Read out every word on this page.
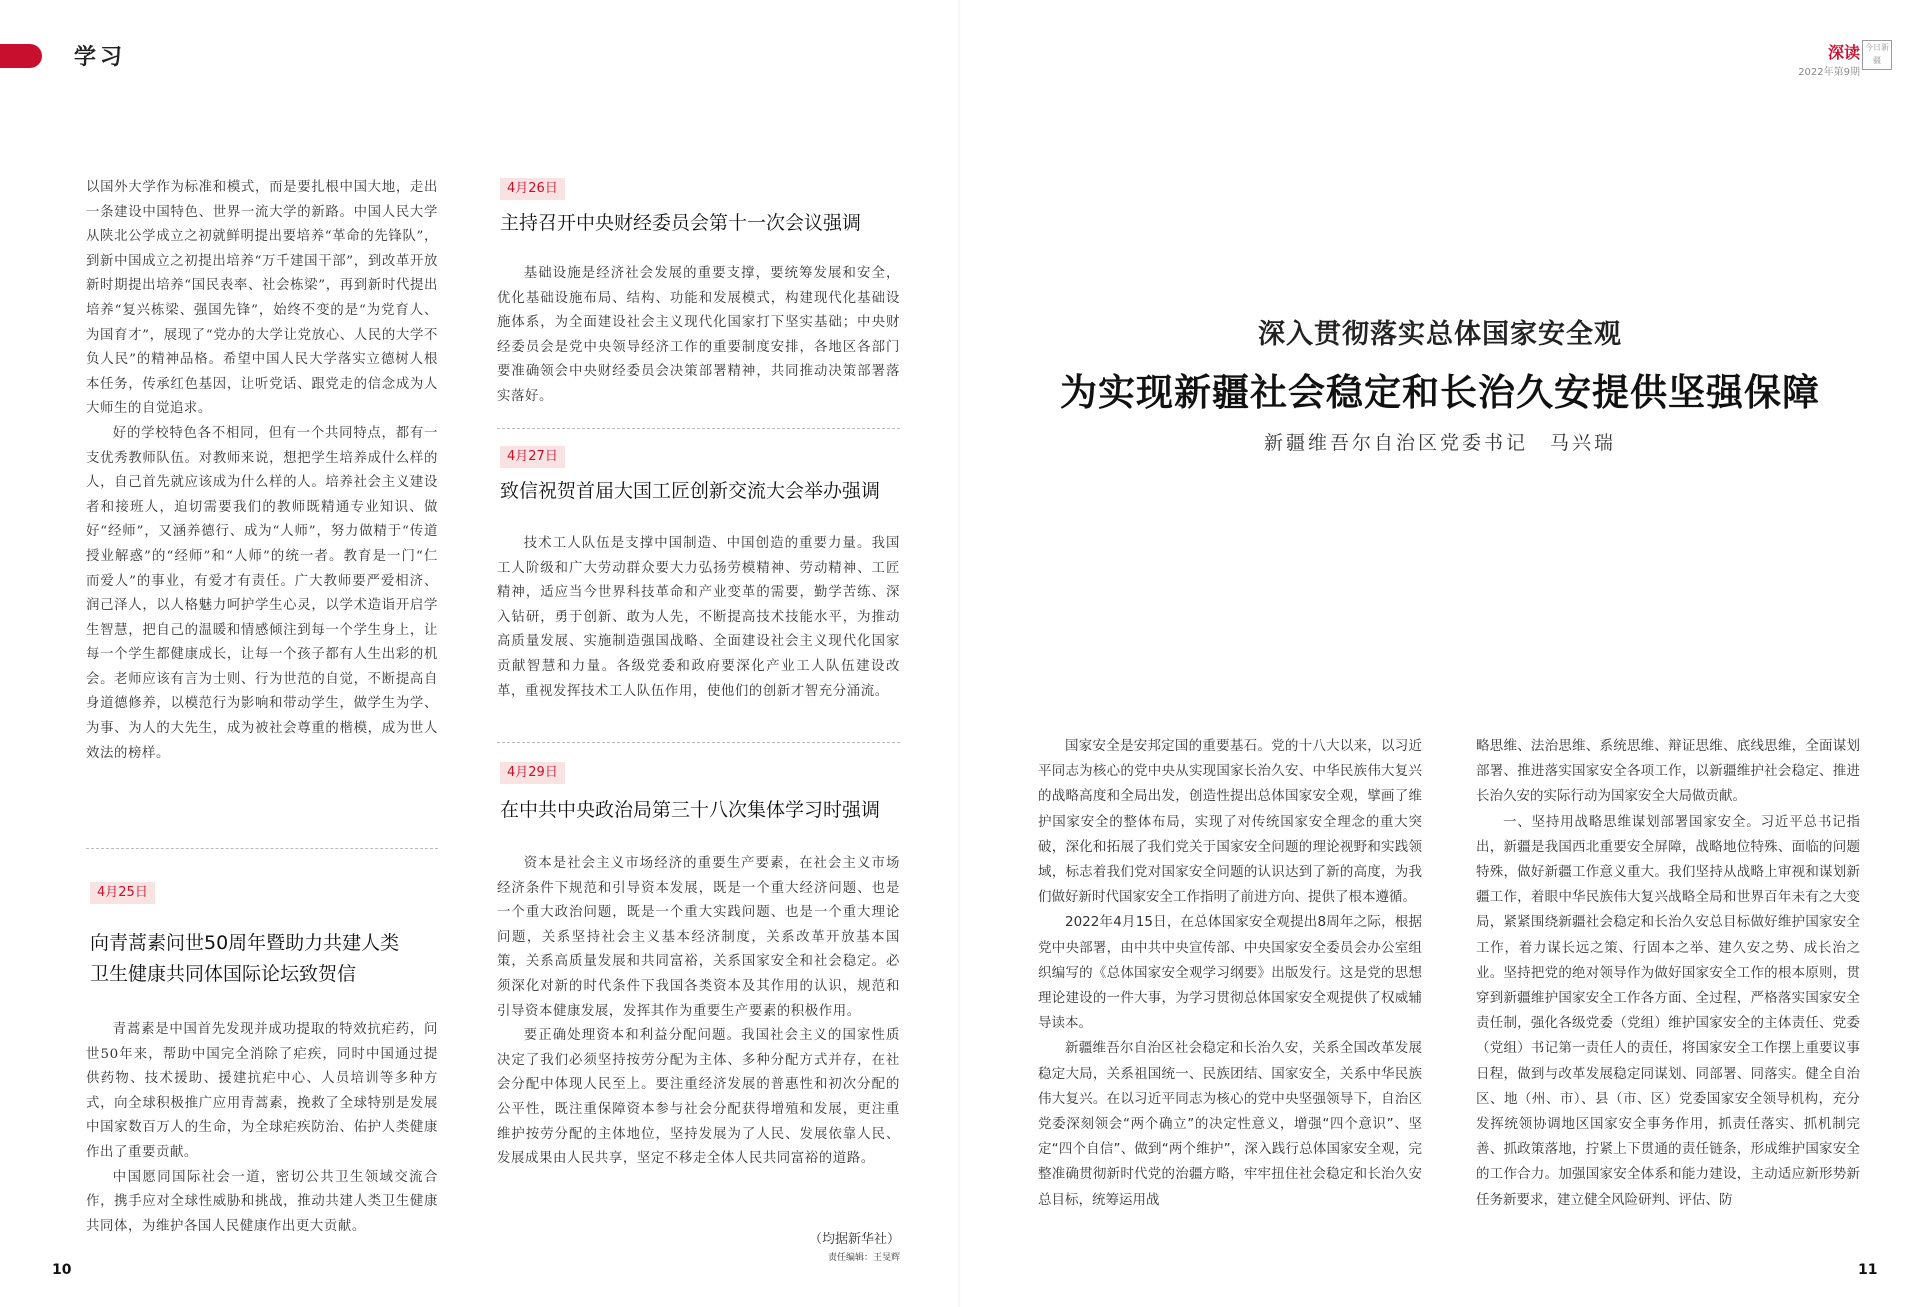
学习	深读
2022年第9期
今日新疆

以国外大学作为标准和模式，而是要扎根中国大地，走出一条建设中国特色、世界一流大学的新路。中国人民大学从陕北公学成立之初就鲜明提出要培养“革命的先锋队”，到新中国成立之初提出培养“万千建国干部”，到改革开放新时期提出培养“国民表率、社会栋梁”，再到新时代提出培养“复兴栋梁、强国先锋”，始终不变的是“为党育人、为国育才”，展现了“党办的大学让党放心、人民的大学不负人民”的精神品格。希望中国人民大学落实立德树人根本任务，传承红色基因，让听党话、跟党走的信念成为人大师生的自觉追求。

好的学校特色各不相同，但有一个共同特点，都有一支优秀教师队伍。对教师来说，想把学生培养成什么样的人，自己首先就应该成为什么样的人。培养社会主义建设者和接班人，迫切需要我们的教师既精通专业知识、做好“经师”，又涵养德行、成为“人师”，努力做精于“传道授业解惑”的“经师”和“人师”的统一者。教育是一门“仁而爱人”的事业，有爱才有责任。广大教师要严爱相济、润己泽人，以人格魅力呵护学生心灵，以学术造诣开启学生智慧，把自己的温暖和情感倾注到每一个学生身上，让每一个学生都健康成长，让每一个孩子都有人生出彩的机会。老师应该有言为士则、行为世范的自觉，不断提高自身道德修养，以模范行为影响和带动学生，做学生为学、为事、为人的大先生，成为被社会尊重的楷模，成为世人效法的榜样。

4月25日
向青蒿素问世50周年暨助力共建人类
卫生健康共同体国际论坛致贺信

青蒿素是中国首先发现并成功提取的特效抗疟药，问世50年来，帮助中国完全消除了疟疾，同时中国通过提供药物、技术援助、援建抗疟中心、人员培训等多种方式，向全球积极推广应用青蒿素，挽救了全球特别是发展中国家数百万人的生命，为全球疟疾防治、佑护人类健康作出了重要贡献。

中国愿同国际社会一道，密切公共卫生领域交流合作，携手应对全球性威胁和挑战，推动共建人类卫生健康共同体，为维护各国人民健康作出更大贡献。

4月26日
主持召开中央财经委员会第十一次会议强调

基础设施是经济社会发展的重要支撑，要统筹发展和安全，优化基础设施布局、结构、功能和发展模式，构建现代化基础设施体系，为全面建设社会主义现代化国家打下坚实基础；中央财经委员会是党中央领导经济工作的重要制度安排，各地区各部门要准确领会中央财经委员会决策部署精神，共同推动决策部署落实落好。

4月27日
致信祝贺首届大国工匠创新交流大会举办强调

技术工人队伍是支撑中国制造、中国创造的重要力量。我国工人阶级和广大劳动群众要大力弘扬劳模精神、劳动精神、工匠精神，适应当今世界科技革命和产业变革的需要，勤学苦练、深入钻研，勇于创新、敢为人先，不断提高技术技能水平，为推动高质量发展、实施制造强国战略、全面建设社会主义现代化国家贡献智慧和力量。各级党委和政府要深化产业工人队伍建设改革，重视发挥技术工人队伍作用，使他们的创新才智充分涌流。

4月29日
在中共中央政治局第三十八次集体学习时强调

资本是社会主义市场经济的重要生产要素，在社会主义市场经济条件下规范和引导资本发展，既是一个重大经济问题、也是一个重大政治问题，既是一个重大实践问题、也是一个重大理论问题，关系坚持社会主义基本经济制度，关系改革开放基本国策，关系高质量发展和共同富裕，关系国家安全和社会稳定。必须深化对新的时代条件下我国各类资本及其作用的认识，规范和引导资本健康发展，发挥其作为重要生产要素的积极作用。

要正确处理资本和利益分配问题。我国社会主义的国家性质决定了我们必须坚持按劳分配为主体、多种分配方式并存，在社会分配中体现人民至上。要注重经济发展的普惠性和初次分配的公平性，既注重保障资本参与社会分配获得增殖和发展，更注重维护按劳分配的主体地位，坚持发展为了人民、发展依靠人民、发展成果由人民共享，坚定不移走全体人民共同富裕的道路。

（均据新华社）
责任编辑：王旻辉
10
深入贯彻落实总体国家安全观
为实现新疆社会稳定和长治久安提供坚强保障
新疆维吾尔自治区党委书记　马兴瑞

国家安全是安邦定国的重要基石。党的十八大以来，以习近平同志为核心的党中央从实现国家长治久安、中华民族伟大复兴的战略高度和全局出发，创造性提出总体国家安全观，擘画了维护国家安全的整体布局，实现了对传统国家安全理念的重大突破，深化和拓展了我们党关于国家安全问题的理论视野和实践领域，标志着我们党对国家安全问题的认识达到了新的高度，为我们做好新时代国家安全工作指明了前进方向、提供了根本遵循。

2022年4月15日，在总体国家安全观提出8周年之际，根据党中央部署，由中共中央宣传部、中央国家安全委员会办公室组织编写的《总体国家安全观学习纲要》出版发行。这是党的思想理论建设的一件大事，为学习贯彻总体国家安全观提供了权威辅导读本。

新疆维吾尔自治区社会稳定和长治久安，关系全国改革发展稳定大局，关系祖国统一、民族团结、国家安全，关系中华民族伟大复兴。在以习近平同志为核心的党中央坚强领导下，自治区党委深刻领会“两个确立”的决定性意义，增强“四个意识”、坚定“四个自信”、做到“两个维护”，深入践行总体国家安全观，完整准确贯彻新时代党的治疆方略，牢牢扭住社会稳定和长治久安总目标，统筹运用战

略思维、法治思维、系统思维、辩证思维、底线思维，全面谋划部署、推进落实国家安全各项工作，以新疆维护社会稳定、推进长治久安的实际行动为国家安全大局做贡献。

一、坚持用战略思维谋划部署国家安全。习近平总书记指出，新疆是我国西北重要安全屏障，战略地位特殊、面临的问题特殊，做好新疆工作意义重大。我们坚持从战略上审视和谋划新疆工作，着眼中华民族伟大复兴战略全局和世界百年未有之大变局，紧紧围绕新疆社会稳定和长治久安总目标做好维护国家安全工作，着力谋长远之策、行固本之举、建久安之势、成长治之业。坚持把党的绝对领导作为做好国家安全工作的根本原则，贯穿到新疆维护国家安全工作各方面、全过程，严格落实国家安全责任制，强化各级党委（党组）维护国家安全的主体责任、党委（党组）书记第一责任人的责任，将国家安全工作摆上重要议事日程，做到与改革发展稳定同谋划、同部署、同落实。健全自治区、地（州、市）、县（市、区）党委国家安全领导机构，充分发挥统领协调地区国家安全事务作用，抓责任落实、抓机制完善、抓政策落地，拧紧上下贯通的责任链条，形成维护国家安全的工作合力。加强国家安全体系和能力建设，主动适应新形势新任务新要求，建立健全风险研判、评估、防

11
